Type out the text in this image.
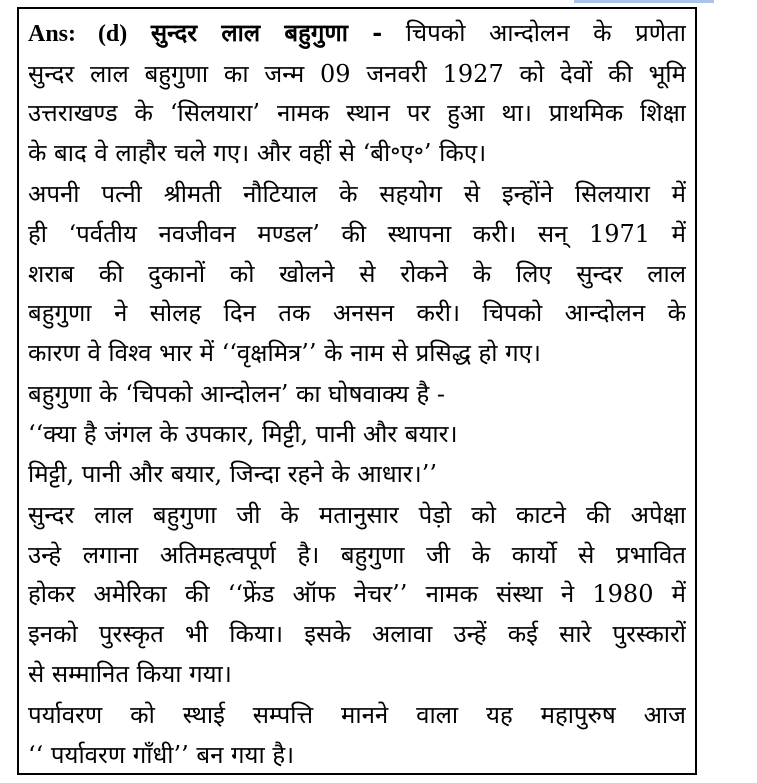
Ans: (d) सुन्दर लाल बहुगुणा - चिपको आन्दोलन के प्रणेता
सुन्दर लाल बहुगुणा का जन्म 09 जनवरी 1927 को देवों की भूमि
उत्तराखण्ड के ‘सिलयारा’ नामक स्थान पर हुआ था। प्राथमिक शिक्षा
के बाद वे लाहौर चले गए। और वहीं से ‘बी॰ए॰’ किए।
अपनी पत्नी श्रीमती नौटियाल के सहयोग से इन्होंने सिलयारा में
ही ‘पर्वतीय नवजीवन मण्डल’ की स्थापना करी। सन् 1971 में
शराब की दुकानों को खोलने से रोकने के लिए सुन्दर लाल
बहुगुणा ने सोलह दिन तक अनसन करी। चिपको आन्दोलन के
कारण वे विश्व भार में ‘‘वृक्षमित्र’’ के नाम से प्रसिद्ध हो गए।
बहुगुणा के ‘चिपको आन्दोलन’ का घोषवाक्य है -
‘‘क्या है जंगल के उपकार, मिट्टी, पानी और बयार।
मिट्टी, पानी और बयार, जिन्दा रहने के आधार।’’
सुन्दर लाल बहुगुणा जी के मतानुसार पेड़ो को काटने की अपेक्षा
उन्हे लगाना अतिमहत्वपूर्ण है। बहुगुणा जी के कार्यो से प्रभावित
होकर अमेरिका की ‘‘फ्रेंड ऑफ नेचर’’ नामक संस्था ने 1980 में
इनको पुरस्कृत भी किया। इसके अलावा उन्हें कई सारे पुरस्कारों
से सम्मानित किया गया।
पर्यावरण को स्थाई सम्पत्ति मानने वाला यह महापुरुष आज
‘‘ पर्यावरण गाँधी’’ बन गया है।
